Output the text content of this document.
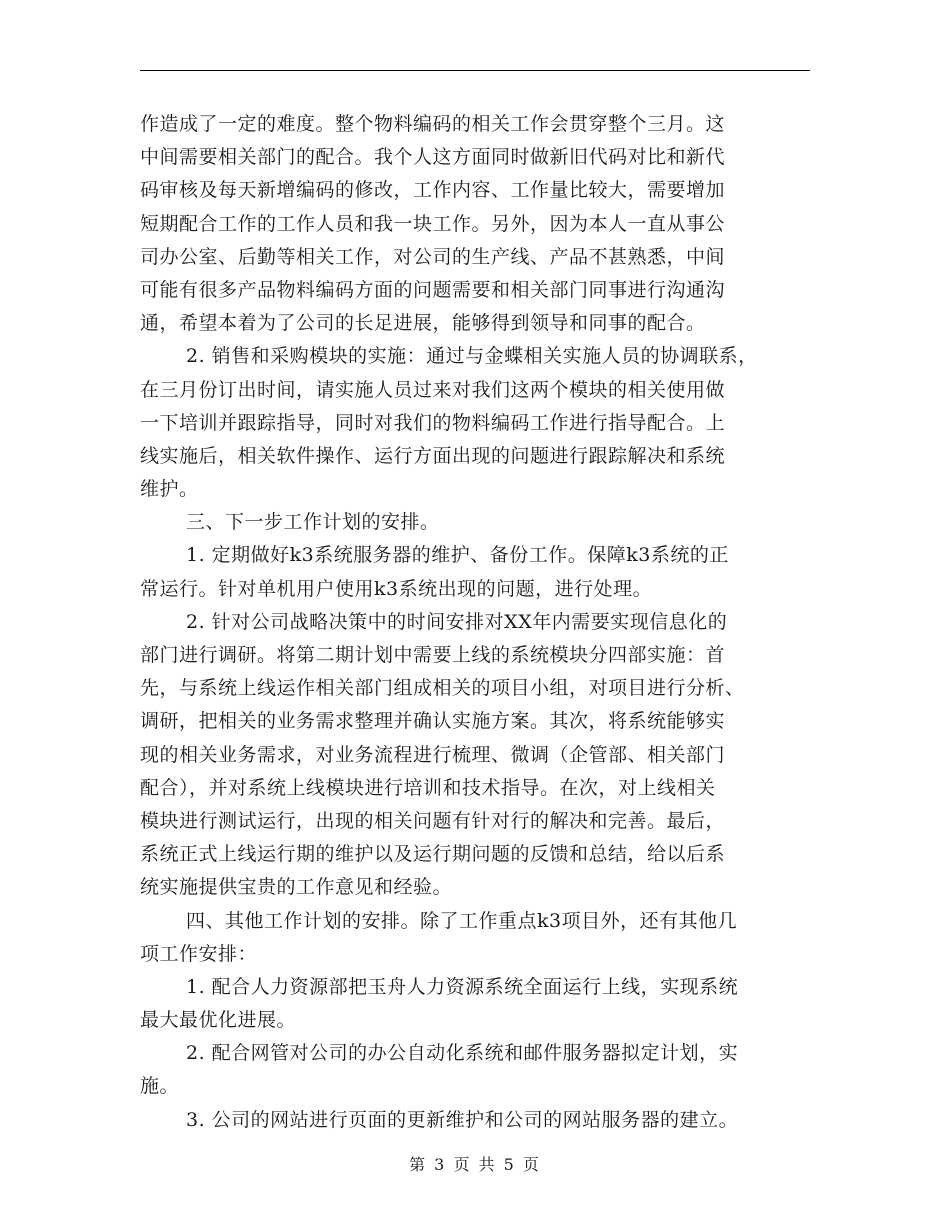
作造成了一定的难度。整个物料编码的相关工作会贯穿整个三月。这
中间需要相关部门的配合。我个人这方面同时做新旧代码对比和新代
码审核及每天新增编码的修改，工作内容、工作量比较大，需要增加
短期配合工作的工作人员和我一块工作。另外，因为本人一直从事公
司办公室、后勤等相关工作，对公司的生产线、产品不甚熟悉，中间
可能有很多产品物料编码方面的问题需要和相关部门同事进行沟通沟
通，希望本着为了公司的长足进展，能够得到领导和同事的配合。
2. 销售和采购模块的实施：通过与金蝶相关实施人员的协调联系，
在三月份订出时间，请实施人员过来对我们这两个模块的相关使用做
一下培训并跟踪指导，同时对我们的物料编码工作进行指导配合。上
线实施后，相关软件操作、运行方面出现的问题进行跟踪解决和系统
维护。
三、下一步工作计划的安排。
1. 定期做好k3系统服务器的维护、备份工作。保障k3系统的正
常运行。针对单机用户使用k3系统出现的问题，进行处理。
2. 针对公司战略决策中的时间安排对XX年内需要实现信息化的
部门进行调研。将第二期计划中需要上线的系统模块分四部实施：首
先，与系统上线运作相关部门组成相关的项目小组，对项目进行分析、
调研，把相关的业务需求整理并确认实施方案。其次，将系统能够实
现的相关业务需求，对业务流程进行梳理、微调（企管部、相关部门
配合），并对系统上线模块进行培训和技术指导。在次，对上线相关
模块进行测试运行，出现的相关问题有针对行的解决和完善。最后，
系统正式上线运行期的维护以及运行期问题的反馈和总结，给以后系
统实施提供宝贵的工作意见和经验。
四、其他工作计划的安排。除了工作重点k3项目外，还有其他几
项工作安排：
1. 配合人力资源部把玉舟人力资源系统全面运行上线，实现系统
最大最优化进展。
2. 配合网管对公司的办公自动化系统和邮件服务器拟定计划，实
施。
3. 公司的网站进行页面的更新维护和公司的网站服务器的建立。
第 3 页 共 5 页
